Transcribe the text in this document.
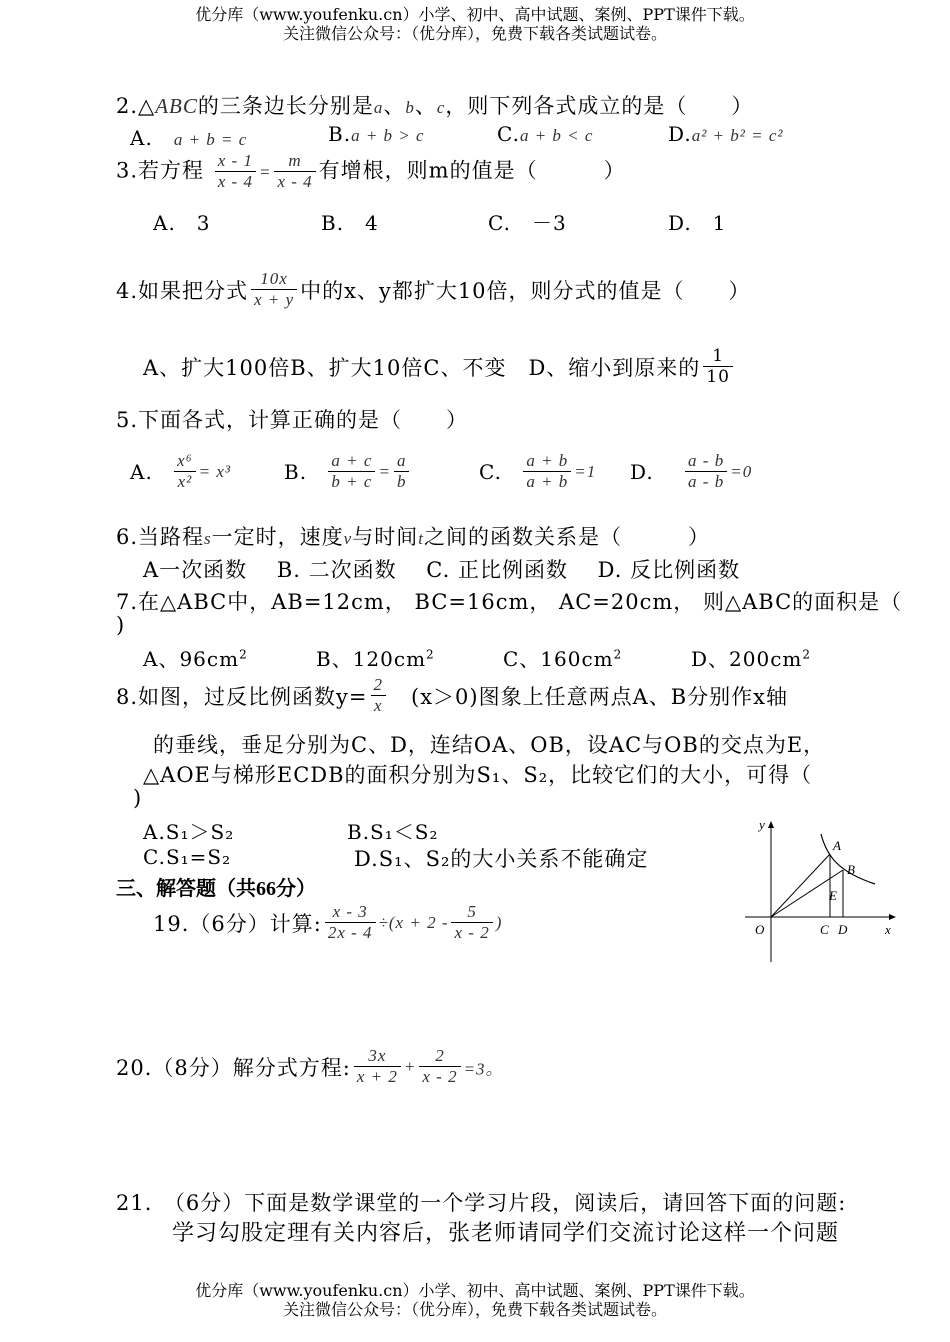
优分库（www.youfenku.cn）小学、初中、高中试题、案例、PPT课件下载。
关注微信公众号：（优分库），免费下载各类试题试卷。
2.△ABC的三条边长分别是a、b、c，则下列各式成立的是（　　）
A.　 a + b = c	B.a + b > c	C.a + b < c	D.a² + b² = c²
3.若方程 $\frac{x - 1}{x - 4} = \frac{m}{x - 4}$ 有增根，则m的值是（　　　）
A.　3	B.　4	C.　－3	D.　1
4.如果把分式 $\frac{10x}{x + y}$ 中的x、y都扩大10倍，则分式的值是（　　）
A、扩大100倍B、扩大10倍C、不变　D、缩小到原来的 $\frac{1}{10}$
5.下面各式，计算正确的是（　　）
A. $\frac{\text{x⁶}}{\text{x²}} = x^3$	B. $\frac{a + c}{b + c} = \frac{a}{b}$	C. $\frac{a + b}{a + b} =1$ D. $\frac{a - b}{a - b} =0$
6.当路程s一定时，速度v与时间t之间的函数关系是（　　　）
A一次函数　 B. 二次函数　 C. 正比例函数　 D. 反比例函数
7.在△ABC中，AB=12cm， BC=16cm， AC=20cm， 则△ABC的面积是（
)
A、$96cm^2$	B、$120cm^2$	C、$160cm^2$	D、$200cm^2$
8.如图，过反比例函数$y= \frac{2}{x}$ 　(x＞0)图象上任意两点A、B分别作x轴
的垂线，垂足分别为C、D，连结OA、OB，设AC与OB的交点为E，
△AOE与梯形ECDB的面积分别为S₁、S₂，比较它们的大小，可得（
)
A.S₁＞S₂	B.S₁＜S₂
C.S₁=S₂	D.S₁、S₂的大小关系不能确定
y
x
O
A
B
C D
E
三、解答题（共66分）
19.（6分）计算: $\frac{x - 3}{2x - 4} \div(x + 2 - \frac{5}{x - 2}$ )
20.（8分）解分式方程: $\frac{3x}{x + 2} + \frac{2}{x - 2} =3$。
21.　（6分）下面是数学课堂的一个学习片段，阅读后，请回答下面的问题:
学习勾股定理有关内容后，张老师请同学们交流讨论这样一个问题
优分库（www.youfenku.cn）小学、初中、高中试题、案例、PPT课件下载。
关注微信公众号：（优分库），免费下载各类试题试卷。
